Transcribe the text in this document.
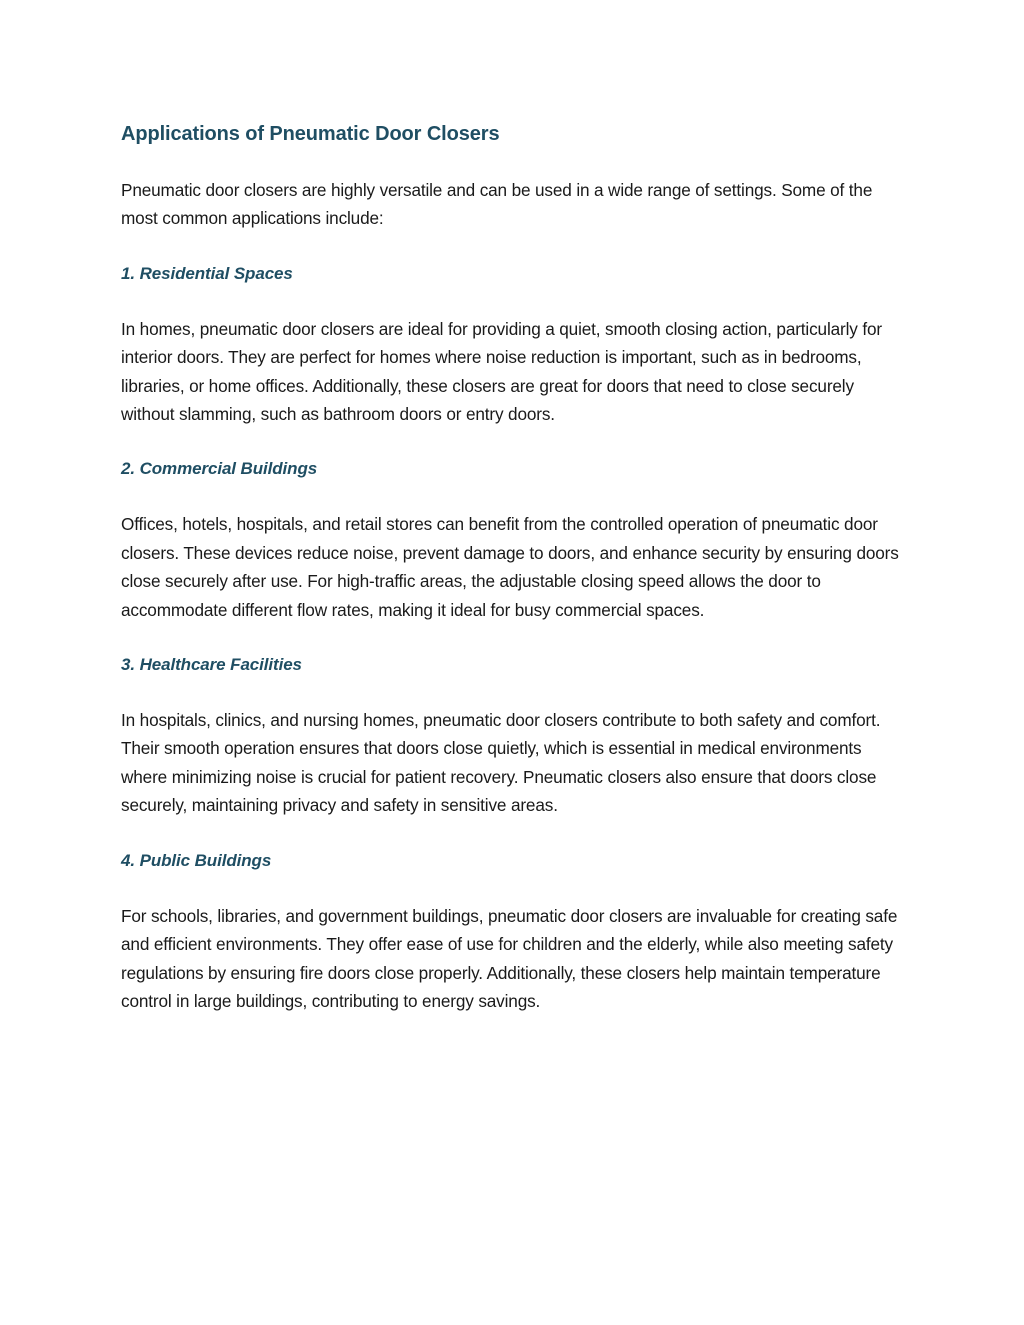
Applications of Pneumatic Door Closers

Pneumatic door closers are highly versatile and can be used in a wide range of settings. Some of the most common applications include:

1. Residential Spaces

In homes, pneumatic door closers are ideal for providing a quiet, smooth closing action, particularly for interior doors. They are perfect for homes where noise reduction is important, such as in bedrooms, libraries, or home offices. Additionally, these closers are great for doors that need to close securely without slamming, such as bathroom doors or entry doors.

2. Commercial Buildings

Offices, hotels, hospitals, and retail stores can benefit from the controlled operation of pneumatic door closers. These devices reduce noise, prevent damage to doors, and enhance security by ensuring doors close securely after use. For high-traffic areas, the adjustable closing speed allows the door to accommodate different flow rates, making it ideal for busy commercial spaces.

3. Healthcare Facilities

In hospitals, clinics, and nursing homes, pneumatic door closers contribute to both safety and comfort. Their smooth operation ensures that doors close quietly, which is essential in medical environments where minimizing noise is crucial for patient recovery. Pneumatic closers also ensure that doors close securely, maintaining privacy and safety in sensitive areas.

4. Public Buildings

For schools, libraries, and government buildings, pneumatic door closers are invaluable for creating safe and efficient environments. They offer ease of use for children and the elderly, while also meeting safety regulations by ensuring fire doors close properly. Additionally, these closers help maintain temperature control in large buildings, contributing to energy savings.
